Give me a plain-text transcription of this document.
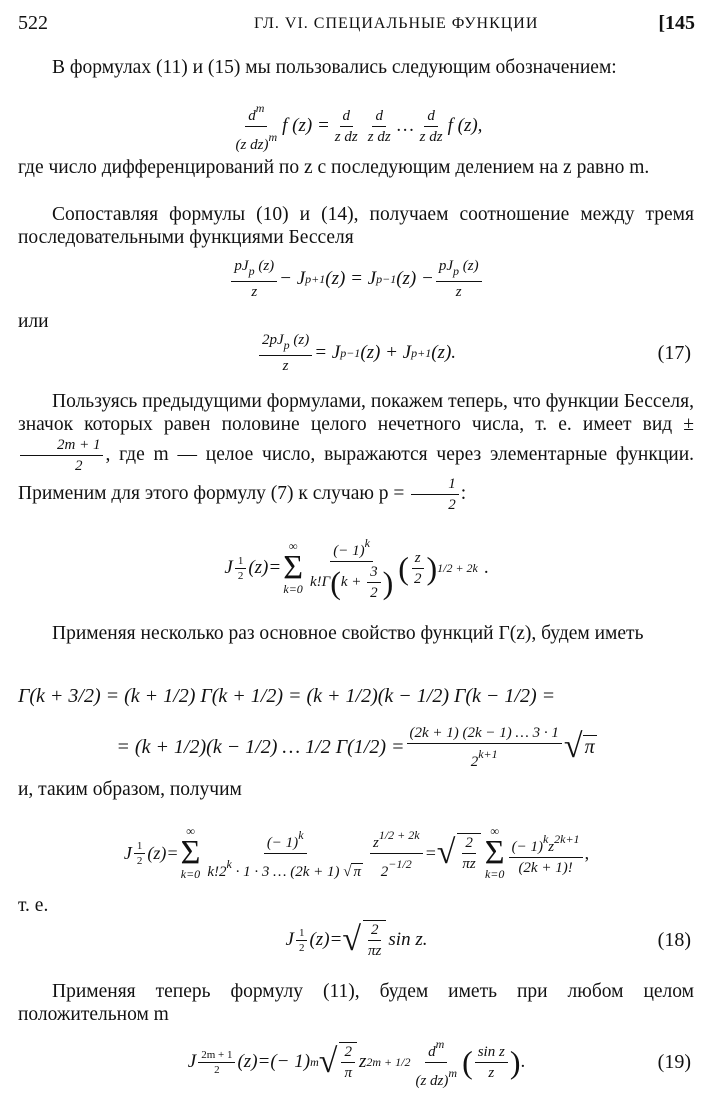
522	ГЛ. VI. СПЕЦИАЛЬНЫЕ ФУНКЦИИ	[145

В формулах (11) и (15) мы пользовались следующим обозначением:

$\frac{d^m}{(z dz)^m}$ f $(z) = \frac{d}{\text{z dz}} \frac{d}{\text{z dz}}$ … $\frac{d}{\text{z dz}}$ f (z),

где число дифференцирований по z с последующим делением на z равно m.

Сопоставляя формулы (10) и (14), получаем соотношение между тремя последовательными функциями Бесселя

$\frac{pJ_p (z)}{z} - J$ p+1 (z) = J p−1 $(z) - \frac{pJ_p (z)}{z}$

или

$\frac{2pJ_p (z)}{z} = J$ p−1 (z) + J p+1 (z).	(17)
Пользуясь предыдущими формулами, покажем теперь, что функции Бесселя, значок которых равен половине целого нечетного числа, т. е. имеет вид ±
$\frac{2m + 1}{2}$ , где m — целое число, выражаются через элементарные функции. Применим для этого формулу (7) к случаю $p = \frac{1}{2}$ :
J $\frac{1}{2} (z)$ =
∞
Σ
$k=0 \frac{(- 1)^k}{k!\Gamma(k + \frac{3}{2} )}$ ( $\frac{z}{2}$ ) 1/2 + 2k .

Применяя несколько раз основное свойство функций Γ(z), будем иметь

Γ(k + 3/2) = (k + 1/2) Γ(k + 1/2) = (k + 1/2)(k − 1/2) Γ(k − 1/2) =
= (k + 1/2)(k − 1/2) … 1/2 $\Gamma(1/2) = \frac{(2k + 1) (2k - 1) \dots 3 \cdot 1}{2^{k+1}}$ √ π

и, таким образом, получим

J $\frac{1}{2} (z)$ =
∞
Σ
$k=0 \frac{(- 1)^k}{k!2^k \cdot 1 \cdot 3 \dots (2k + 1) √ \pi} \frac{z^{1/2 + 2k}}{2^{-1/2}}$ = √ $\frac{2}{\pi z}$
∞
Σ
$k=0 \frac{(- 1)^kz^{2k+1}}{(2k + 1)!}$ ,

т. е.

J $\frac{1}{2} (z)$ = √ $\frac{2}{\pi z}$ sin z.	(18)

Применяя теперь формулу (11), будем иметь при любом целом положительном m

J $\frac{2m + 1}{2} (z)$ = (− 1) m √ $\frac{2}{\pi}$ z $2m + 1/2 \frac{d^m}{(z dz)^m}$ ( $\frac{\text{sin z}}{z}$ ) .	(19)
